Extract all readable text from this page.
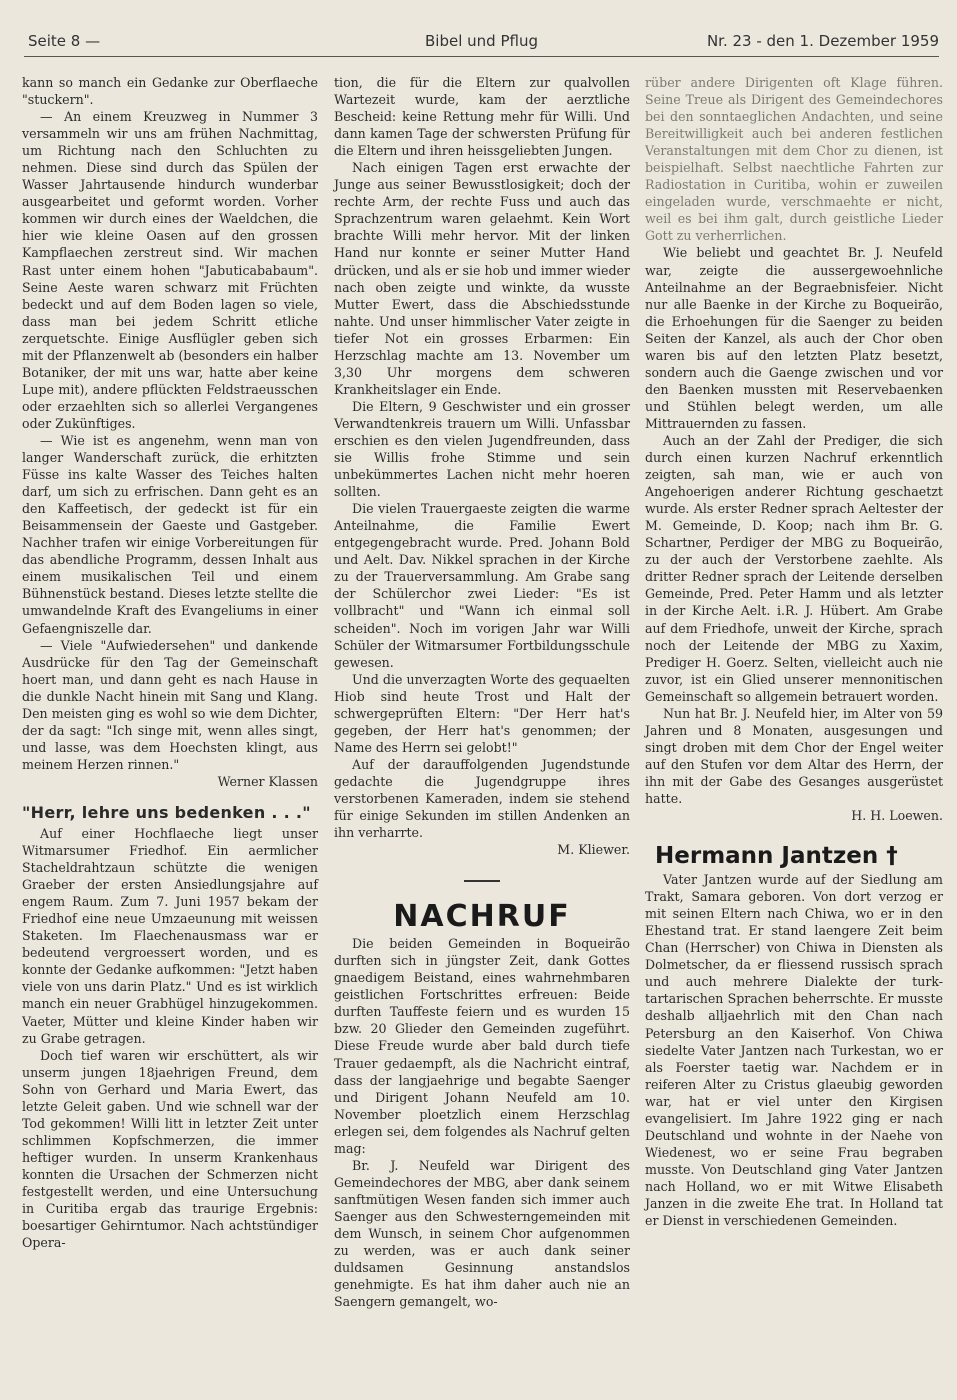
Seite 8 —	Bibel und Pflug	Nr. 23 - den 1. Dezember 1959

kann so manch ein Gedanke zur Oberflaeche "stuckern".

— An einem Kreuzweg in Nummer 3 versammeln wir uns am frühen Nachmittag, um Richtung nach den Schluchten zu nehmen. Diese sind durch das Spülen der Wasser Jahrtausende hindurch wunderbar ausgearbeitet und geformt worden. Vorher kommen wir durch eines der Waeldchen, die hier wie kleine Oasen auf den grossen Kampflaechen zerstreut sind. Wir machen Rast unter einem hohen "Jabuticababaum". Seine Aeste waren schwarz mit Früchten bedeckt und auf dem Boden lagen so viele, dass man bei jedem Schritt etliche zerquetschte. Einige Ausflügler geben sich mit der Pflanzenwelt ab (besonders ein halber Botaniker, der mit uns war, hatte aber keine Lupe mit), andere pflückten Feldstraeusschen oder erzaehlten sich so allerlei Vergangenes oder Zukünftiges.

— Wie ist es angenehm, wenn man von langer Wanderschaft zurück, die erhitzten Füsse ins kalte Wasser des Teiches halten darf, um sich zu erfrischen. Dann geht es an den Kaffeetisch, der gedeckt ist für ein Beisammensein der Gaeste und Gastgeber. Nachher trafen wir einige Vorbereitungen für das abendliche Programm, dessen Inhalt aus einem musikalischen Teil und einem Bühnenstück bestand. Dieses letzte stellte die umwandelnde Kraft des Evangeliums in einer Gefaengniszelle dar.

— Viele "Aufwiedersehen" und dankende Ausdrücke für den Tag der Gemeinschaft hoert man, und dann geht es nach Hause in die dunkle Nacht hinein mit Sang und Klang. Den meisten ging es wohl so wie dem Dichter, der da sagt: "Ich singe mit, wenn alles singt, und lasse, was dem Hoechsten klingt, aus meinem Herzen rinnen."

Werner Klassen

"Herr, lehre uns bedenken . . ."

Auf einer Hochflaeche liegt unser Witmarsumer Friedhof. Ein aermlicher Stacheldrahtzaun schützte die wenigen Graeber der ersten Ansiedlungsjahre auf engem Raum. Zum 7. Juni 1957 bekam der Friedhof eine neue Umzaeunung mit weissen Staketen. Im Flaechenausmass war er bedeutend vergroessert worden, und es konnte der Gedanke aufkommen: "Jetzt haben viele von uns darin Platz." Und es ist wirklich manch ein neuer Grabhügel hinzugekommen. Vaeter, Mütter und kleine Kinder haben wir zu Grabe getragen.

Doch tief waren wir erschüttert, als wir unserm jungen 18jaehrigen Freund, dem Sohn von Gerhard und Maria Ewert, das letzte Geleit gaben. Und wie schnell war der Tod gekommen! Willi litt in letzter Zeit unter schlimmen Kopfschmerzen, die immer heftiger wurden. In unserm Krankenhaus konnten die Ursachen der Schmerzen nicht festgestellt werden, und eine Untersuchung in Curitiba ergab das traurige Ergebnis: boesartiger Gehirntumor. Nach achtstündiger Opera-

tion, die für die Eltern zur qualvollen Wartezeit wurde, kam der aerztliche Bescheid: keine Rettung mehr für Willi. Und dann kamen Tage der schwersten Prüfung für die Eltern und ihren heissgeliebten Jungen.

Nach einigen Tagen erst erwachte der Junge aus seiner Bewusstlosigkeit; doch der rechte Arm, der rechte Fuss und auch das Sprachzentrum waren gelaehmt. Kein Wort brachte Willi mehr hervor. Mit der linken Hand nur konnte er seiner Mutter Hand drücken, und als er sie hob und immer wieder nach oben zeigte und winkte, da wusste Mutter Ewert, dass die Abschiedsstunde nahte. Und unser himmlischer Vater zeigte in tiefer Not ein grosses Erbarmen: Ein Herzschlag machte am 13. November um 3,30 Uhr morgens dem schweren Krankheitslager ein Ende.

Die Eltern, 9 Geschwister und ein grosser Verwandtenkreis trauern um Willi. Unfassbar erschien es den vielen Jugendfreunden, dass sie Willis frohe Stimme und sein unbekümmertes Lachen nicht mehr hoeren sollten.

Die vielen Trauergaeste zeigten die warme Anteilnahme, die Familie Ewert entgegengebracht wurde. Pred. Johann Bold und Aelt. Dav. Nikkel sprachen in der Kirche zu der Trauerversammlung. Am Grabe sang der Schülerchor zwei Lieder: "Es ist vollbracht" und "Wann ich einmal soll scheiden". Noch im vorigen Jahr war Willi Schüler der Witmarsumer Fortbildungsschule gewesen.

Und die unverzagten Worte des gequaelten Hiob sind heute Trost und Halt der schwergeprüften Eltern: "Der Herr hat's gegeben, der Herr hat's genommen; der Name des Herrn sei gelobt!"

Auf der darauffolgenden Jugendstunde gedachte die Jugendgruppe ihres verstorbenen Kameraden, indem sie stehend für einige Sekunden im stillen Andenken an ihn verharrte.

M. Kliewer.

NACHRUF

Die beiden Gemeinden in Boqueirão durften sich in jüngster Zeit, dank Gottes gnaedigem Beistand, eines wahrnehmbaren geistlichen Fortschrittes erfreuen: Beide durften Tauffeste feiern und es wurden 15 bzw. 20 Glieder den Gemeinden zugeführt. Diese Freude wurde aber bald durch tiefe Trauer gedaempft, als die Nachricht eintraf, dass der langjaehrige und begabte Saenger und Dirigent Johann Neufeld am 10. November ploetzlich einem Herzschlag erlegen sei, dem folgendes als Nachruf gelten mag:

Br. J. Neufeld war Dirigent des Gemeindechores der MBG, aber dank seinem sanftmütigen Wesen fanden sich immer auch Saenger aus den Schwesterngemeinden mit dem Wunsch, in seinem Chor aufgenommen zu werden, was er auch dank seiner duldsamen Gesinnung anstandslos genehmigte. Es hat ihm daher auch nie an Saengern gemangelt, wo-

rüber andere Dirigenten oft Klage führen. Seine Treue als Dirigent des Gemeindechores bei den sonntaeglichen Andachten, und seine Bereitwilligkeit auch bei anderen festlichen Veranstaltungen mit dem Chor zu dienen, ist beispielhaft. Selbst naechtliche Fahrten zur Radiostation in Curitiba, wohin er zuweilen eingeladen wurde, verschmaehte er nicht, weil es bei ihm galt, durch geistliche Lieder Gott zu verherrlichen.

Wie beliebt und geachtet Br. J. Neufeld war, zeigte die aussergewoehnliche Anteilnahme an der Begraebnisfeier. Nicht nur alle Baenke in der Kirche zu Boqueirão, die Erhoehungen für die Saenger zu beiden Seiten der Kanzel, als auch der Chor oben waren bis auf den letzten Platz besetzt, sondern auch die Gaenge zwischen und vor den Baenken mussten mit Reservebaenken und Stühlen belegt werden, um alle Mittrauernden zu fassen.

Auch an der Zahl der Prediger, die sich durch einen kurzen Nachruf erkenntlich zeigten, sah man, wie er auch von Angehoerigen anderer Richtung geschaetzt wurde. Als erster Redner sprach Aeltester der M. Gemeinde, D. Koop; nach ihm Br. G. Schartner, Perdiger der MBG zu Boqueirão, zu der auch der Verstorbene zaehlte. Als dritter Redner sprach der Leitende derselben Gemeinde, Pred. Peter Hamm und als letzter in der Kirche Aelt. i.R. J. Hübert. Am Grabe auf dem Friedhofe, unweit der Kirche, sprach noch der Leitende der MBG zu Xaxim, Prediger H. Goerz. Selten, vielleicht auch nie zuvor, ist ein Glied unserer mennonitischen Gemeinschaft so allgemein betrauert worden.

Nun hat Br. J. Neufeld hier, im Alter von 59 Jahren und 8 Monaten, ausgesungen und singt droben mit dem Chor der Engel weiter auf den Stufen vor dem Altar des Herrn, der ihn mit der Gabe des Gesanges ausgerüstet hatte.

H. H. Loewen.

Hermann Jantzen †

Vater Jantzen wurde auf der Siedlung am Trakt, Samara geboren. Von dort verzog er mit seinen Eltern nach Chiwa, wo er in den Ehestand trat. Er stand laengere Zeit beim Chan (Herrscher) von Chiwa in Diensten als Dolmetscher, da er fliessend russisch sprach und auch mehrere Dialekte der turk-tartarischen Sprachen beherrschte. Er musste deshalb alljaehrlich mit den Chan nach Petersburg an den Kaiserhof. Von Chiwa siedelte Vater Jantzen nach Turkestan, wo er als Foerster taetig war. Nachdem er in reiferen Alter zu Cristus glaeubig geworden war, hat er viel unter den Kirgisen evangelisiert. Im Jahre 1922 ging er nach Deutschland und wohnte in der Naehe von Wiedenest, wo er seine Frau begraben musste. Von Deutschland ging Vater Jantzen nach Holland, wo er mit Witwe Elisabeth Janzen in die zweite Ehe trat. In Holland tat er Dienst in verschiedenen Gemeinden.
